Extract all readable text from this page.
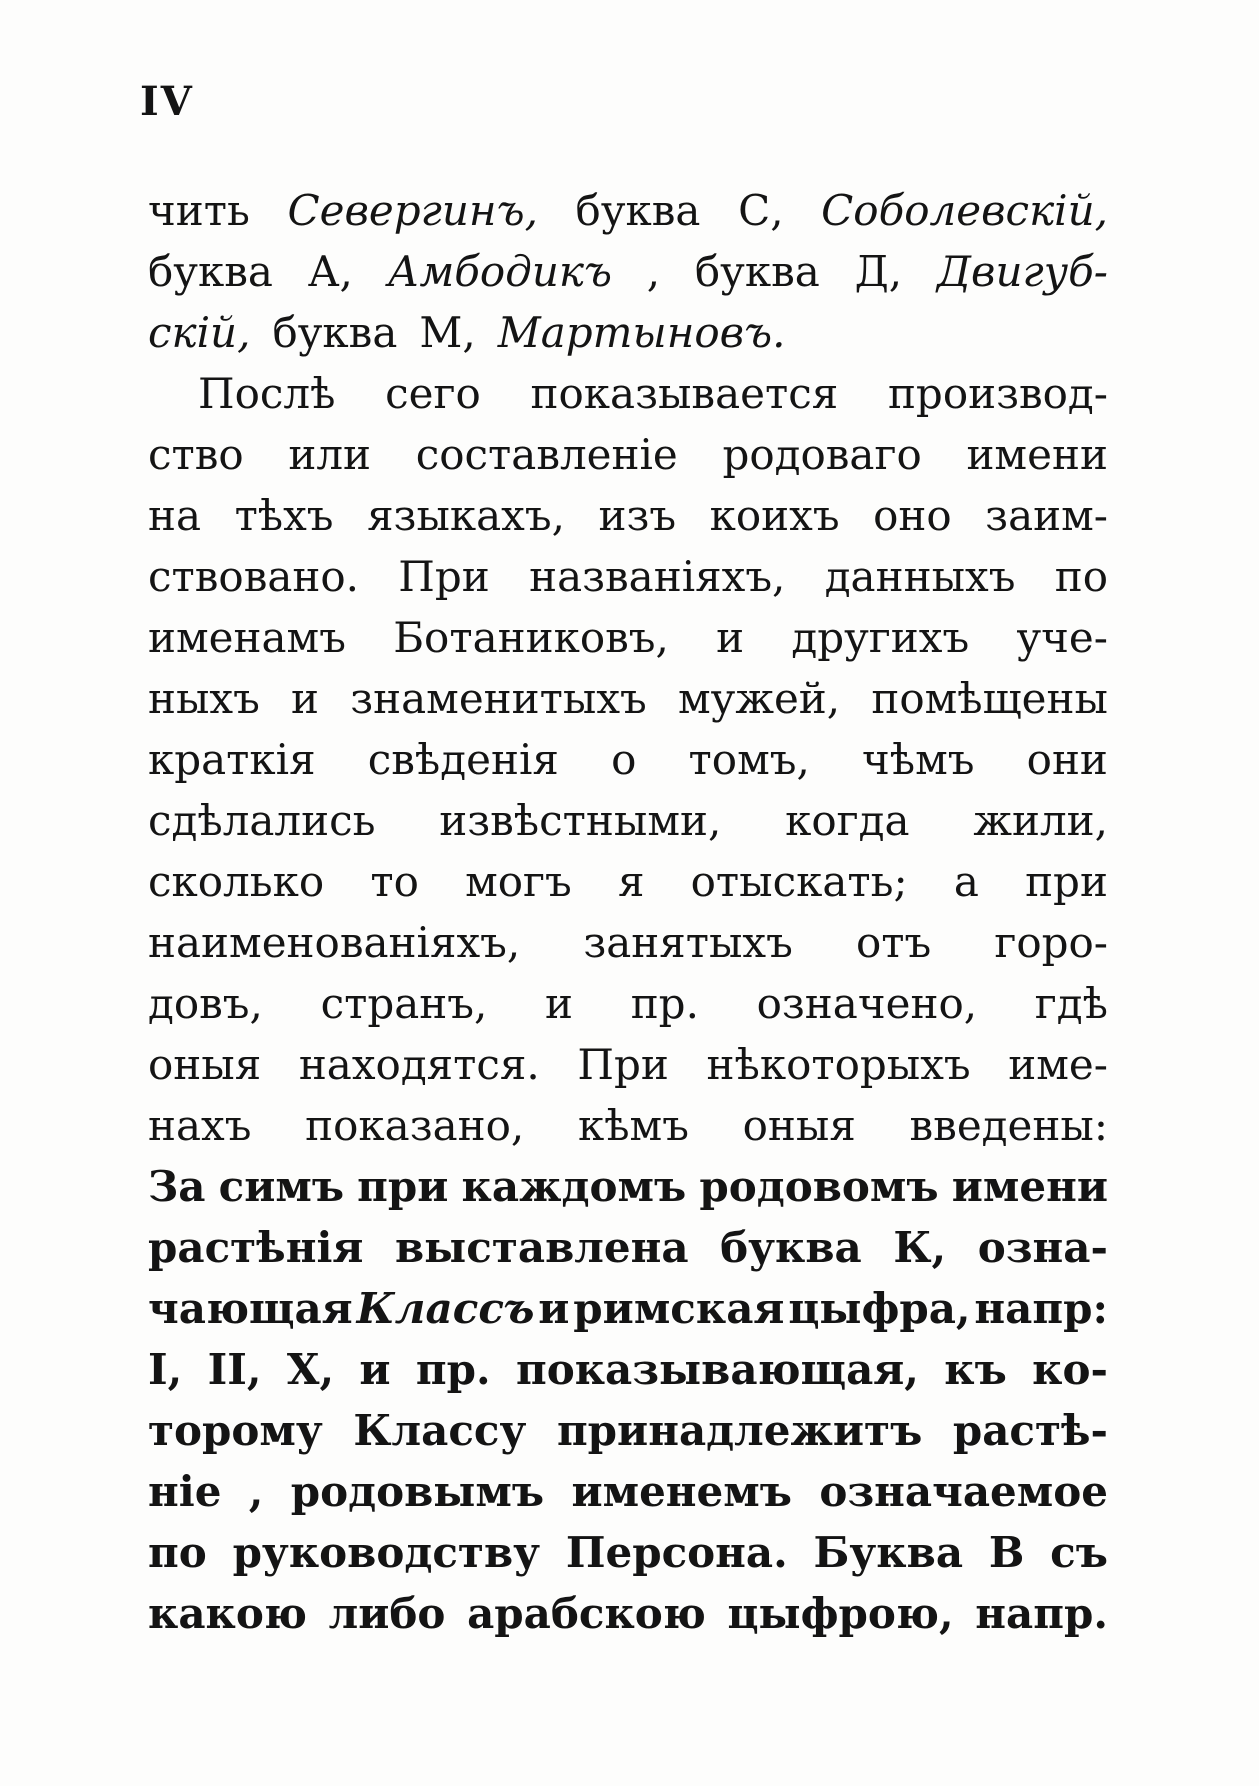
IV
чить Севергинъ, буква С, Соболевскій,
буква А, Амбодикъ , буква Д, Двигуб-
скій, буква М, Мартыновъ.
Послѣ сего показывается производ-
ство или составленіе родоваго имени
на тѣхъ языкахъ, изъ коихъ оно заим-
ствовано. При названіяхъ, данныхъ по
именамъ Ботаниковъ, и другихъ уче-
ныхъ и знаменитыхъ мужей, помѣщены
краткія свѣденія о томъ, чѣмъ они
сдѣлались извѣстными, когда жили,
сколько то могъ я отыскать; а при
наименованіяхъ, занятыхъ отъ горо-
довъ, странъ, и пр. означено, гдѣ
оныя находятся. При нѣкоторыхъ име-
нахъ показано, кѣмъ оныя введены:
За симъ при каждомъ родовомъ имени
растѣнія выставлена буква К, озна-
чающая Классъ и римская цыфра, напр:
I, II, X, и пр. показывающая, къ ко-
торому Классу принадлежитъ растѣ-
ніе , родовымъ именемъ означаемое
по руководству Персона. Буква В съ
какою либо арабскою цыфрою, напр.
